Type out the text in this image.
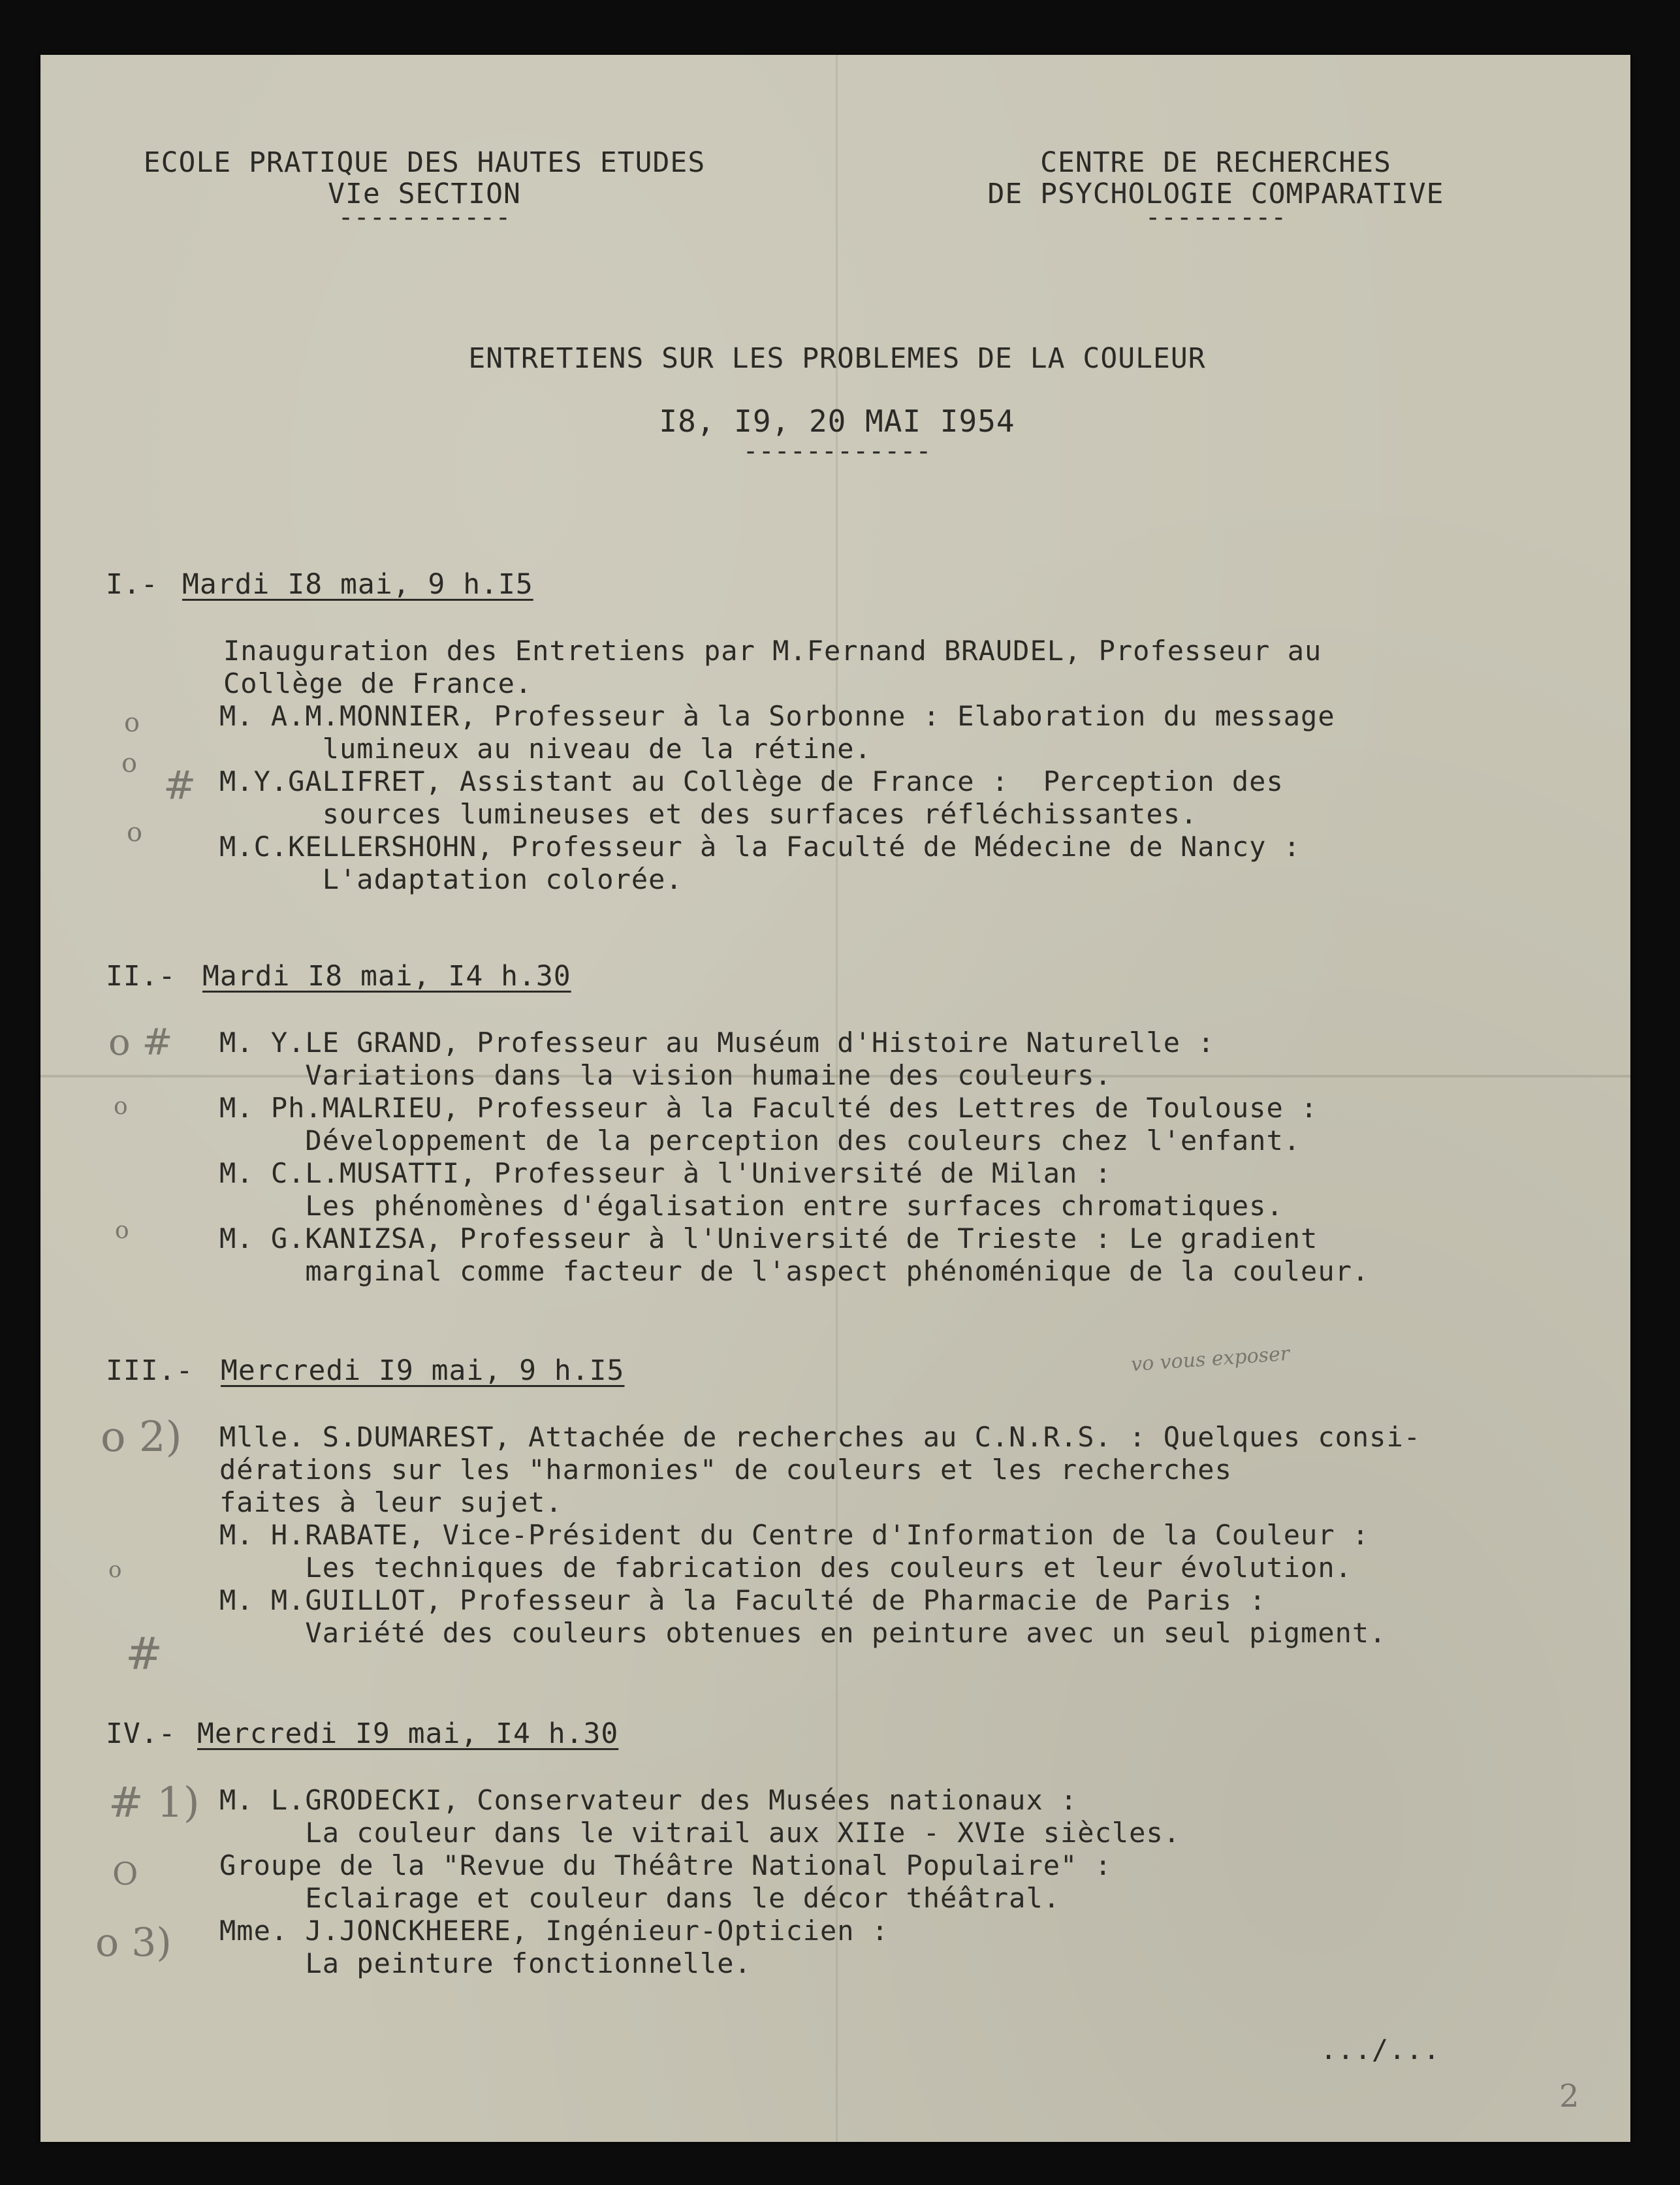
ECOLE PRATIQUE DES HAUTES ETUDES
VIe SECTION
-----------
CENTRE DE RECHERCHES
DE PSYCHOLOGIE COMPARATIVE
---------
ENTRETIENS SUR LES PROBLEMES DE LA COULEUR
I8, I9, 20 MAI I954
------------
I.- Mardi I8 mai, 9 h.I5
Inauguration des Entretiens par M.Fernand BRAUDEL, Professeur au
Collège de France.
M. A.M.MONNIER, Professeur à la Sorbonne : Elaboration du message
lumineux au niveau de la rétine.
M.Y.GALIFRET, Assistant au Collège de France :  Perception des
sources lumineuses et des surfaces réfléchissantes.
M.C.KELLERSHOHN, Professeur à la Faculté de Médecine de Nancy :
L'adaptation colorée.
II.- Mardi I8 mai, I4 h.30
M. Y.LE GRAND, Professeur au Muséum d'Histoire Naturelle :
Variations dans la vision humaine des couleurs.
M. Ph.MALRIEU, Professeur à la Faculté des Lettres de Toulouse :
Développement de la perception des couleurs chez l'enfant.
M. C.L.MUSATTI, Professeur à l'Université de Milan :
Les phénomènes d'égalisation entre surfaces chromatiques.
M. G.KANIZSA, Professeur à l'Université de Trieste : Le gradient
marginal comme facteur de l'aspect phénoménique de la couleur.
III.- Mercredi I9 mai, 9 h.I5
Mlle. S.DUMAREST, Attachée de recherches au C.N.R.S. : Quelques consi-
dérations sur les "harmonies" de couleurs et les recherches
faites à leur sujet.
M. H.RABATE, Vice-Président du Centre d'Information de la Couleur :
Les techniques de fabrication des couleurs et leur évolution.
M. M.GUILLOT, Professeur à la Faculté de Pharmacie de Paris :
Variété des couleurs obtenues en peinture avec un seul pigment.
IV.- Mercredi I9 mai, I4 h.30
M. L.GRODECKI, Conservateur des Musées nationaux :
La couleur dans le vitrail aux XIIe - XVIe siècles.
Groupe de la "Revue du Théâtre National Populaire" :
Eclairage et couleur dans le décor théâtral.
Mme. J.JONCKHEERE, Ingénieur-Opticien :
La peinture fonctionnelle.
.../...
o
o #
o
o #
o
o
o
o 2)
#
# 1)
O
o 3)
vo vous exposer
2
